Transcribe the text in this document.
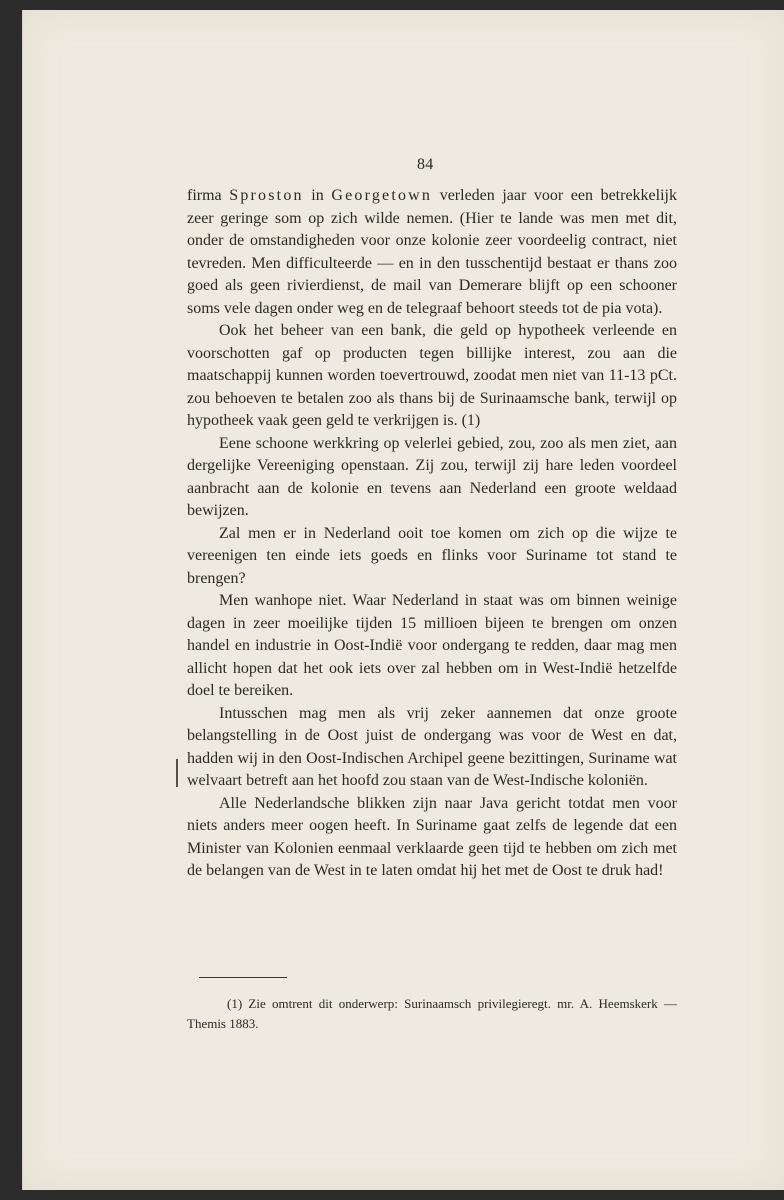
84

firma Sproston in Georgetown verleden jaar voor een betrekkelijk zeer geringe som op zich wilde nemen. (Hier te lande was men met dit, onder de omstandigheden voor onze kolonie zeer voordeelig contract, niet tevreden. Men difficulteerde — en in den tusschentijd bestaat er thans zoo goed als geen rivierdienst, de mail van Demerare blijft op een schooner soms vele dagen onder weg en de telegraaf behoort steeds tot de pia vota).

Ook het beheer van een bank, die geld op hypotheek verleende en voorschotten gaf op producten tegen billijke interest, zou aan die maatschappij kunnen worden toevertrouwd, zoodat men niet van 11-13 pCt. zou behoeven te betalen zoo als thans bij de Surinaamsche bank, terwijl op hypotheek vaak geen geld te verkrijgen is. (1)

Eene schoone werkkring op velerlei gebied, zou, zoo als men ziet, aan dergelijke Vereeniging openstaan. Zij zou, terwijl zij hare leden voordeel aanbracht aan de kolonie en tevens aan Nederland een groote weldaad bewijzen.

Zal men er in Nederland ooit toe komen om zich op die wijze te vereenigen ten einde iets goeds en flinks voor Suriname tot stand te brengen?

Men wanhope niet. Waar Nederland in staat was om binnen weinige dagen in zeer moeilijke tijden 15 millioen bijeen te brengen om onzen handel en industrie in Oost-Indië voor ondergang te redden, daar mag men allicht hopen dat het ook iets over zal hebben om in West-Indië hetzelfde doel te bereiken.

Intusschen mag men als vrij zeker aannemen dat onze groote belangstelling in de Oost juist de ondergang was voor de West en dat, hadden wij in den Oost-Indischen Archipel geene bezittingen, Suriname wat welvaart betreft aan het hoofd zou staan van de West-Indische koloniën.

Alle Nederlandsche blikken zijn naar Java gericht totdat men voor niets anders meer oogen heeft. In Suriname gaat zelfs de legende dat een Minister van Kolonien eenmaal verklaarde geen tijd te hebben om zich met de belangen van de West in te laten omdat hij het met de Oost te druk had!

(1) Zie omtrent dit onderwerp: Surinaamsch privilegieregt. mr. A. Heemskerk — Themis 1883.
